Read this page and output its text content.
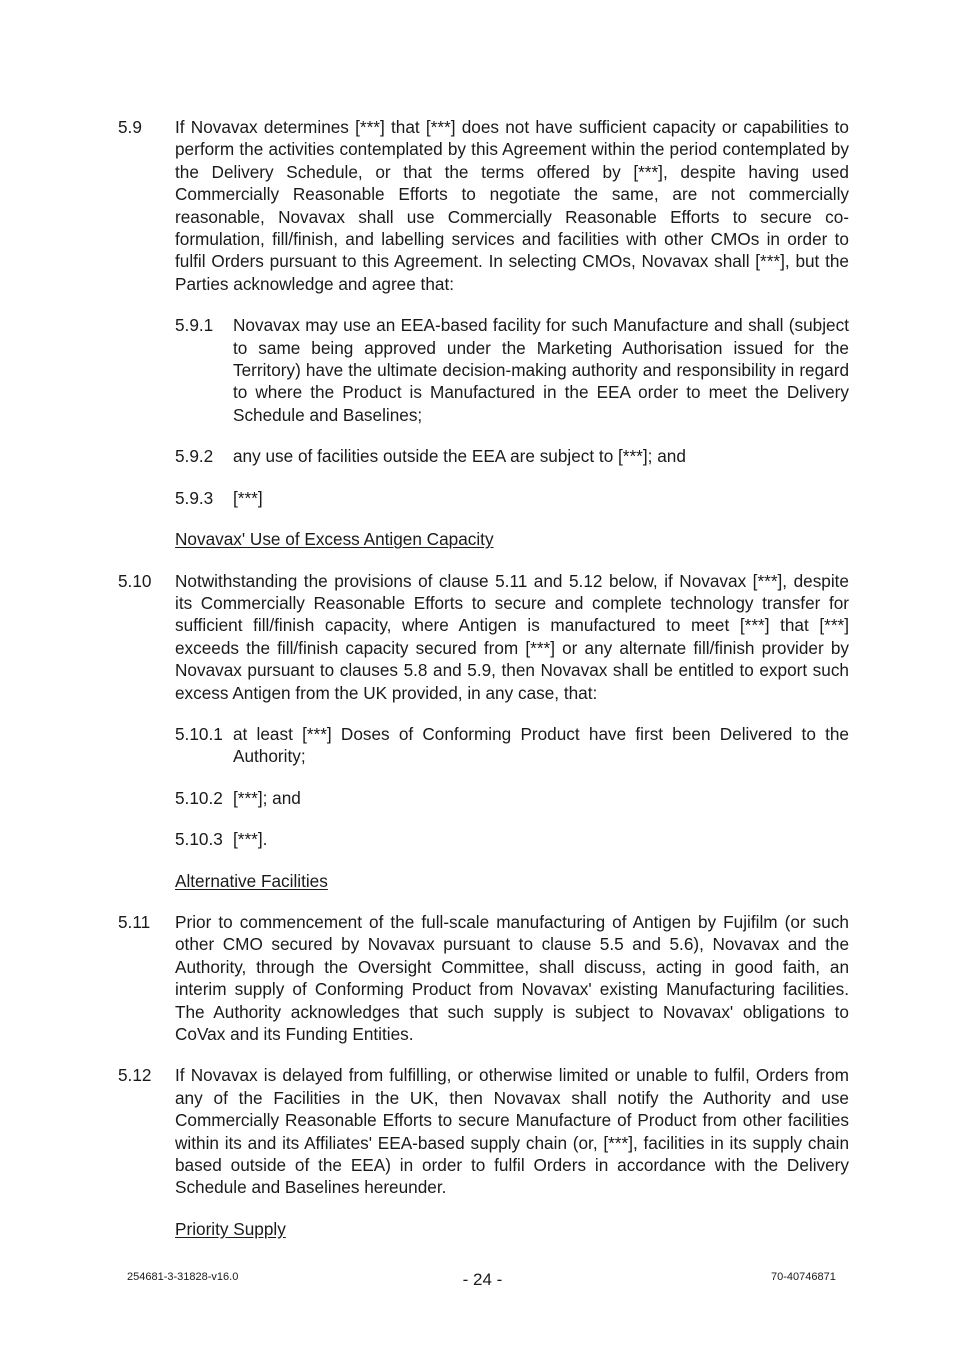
5.9 If Novavax determines [***] that [***] does not have sufficient capacity or capabilities to perform the activities contemplated by this Agreement within the period contemplated by the Delivery Schedule, or that the terms offered by [***], despite having used Commercially Reasonable Efforts to negotiate the same, are not commercially reasonable, Novavax shall use Commercially Reasonable Efforts to secure co-formulation, fill/finish, and labelling services and facilities with other CMOs in order to fulfil Orders pursuant to this Agreement. In selecting CMOs, Novavax shall [***], but the Parties acknowledge and agree that:
5.9.1 Novavax may use an EEA-based facility for such Manufacture and shall (subject to same being approved under the Marketing Authorisation issued for the Territory) have the ultimate decision-making authority and responsibility in regard to where the Product is Manufactured in the EEA order to meet the Delivery Schedule and Baselines;
5.9.2 any use of facilities outside the EEA are subject to [***]; and
5.9.3 [***]
Novavax' Use of Excess Antigen Capacity
5.10 Notwithstanding the provisions of clause 5.11 and 5.12 below, if Novavax [***], despite its Commercially Reasonable Efforts to secure and complete technology transfer for sufficient fill/finish capacity, where Antigen is manufactured to meet [***] that [***] exceeds the fill/finish capacity secured from [***] or any alternate fill/finish provider by Novavax pursuant to clauses 5.8 and 5.9, then Novavax shall be entitled to export such excess Antigen from the UK provided, in any case, that:
5.10.1 at least [***] Doses of Conforming Product have first been Delivered to the Authority;
5.10.2 [***]; and
5.10.3 [***].
Alternative Facilities
5.11 Prior to commencement of the full-scale manufacturing of Antigen by Fujifilm (or such other CMO secured by Novavax pursuant to clause 5.5 and 5.6), Novavax and the Authority, through the Oversight Committee, shall discuss, acting in good faith, an interim supply of Conforming Product from Novavax' existing Manufacturing facilities. The Authority acknowledges that such supply is subject to Novavax' obligations to CoVax and its Funding Entities.
5.12 If Novavax is delayed from fulfilling, or otherwise limited or unable to fulfil, Orders from any of the Facilities in the UK, then Novavax shall notify the Authority and use Commercially Reasonable Efforts to secure Manufacture of Product from other facilities within its and its Affiliates' EEA-based supply chain (or, [***], facilities in its supply chain based outside of the EEA) in order to fulfil Orders in accordance with the Delivery Schedule and Baselines hereunder.
Priority Supply
254681-3-31828-v16.0	- 24 -	70-40746871
